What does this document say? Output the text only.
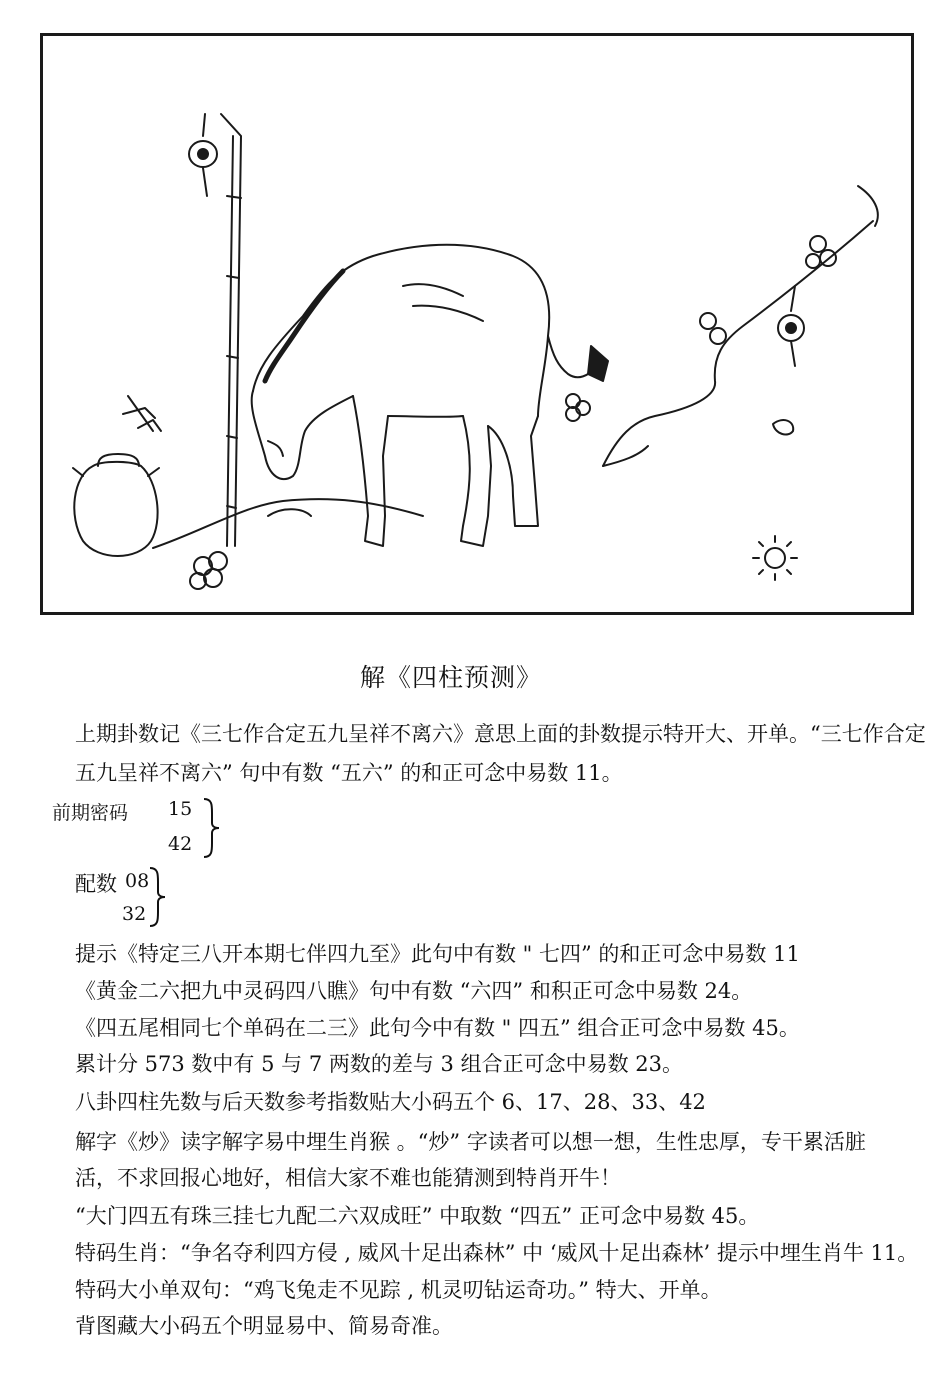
解《四柱预测》
上期卦数记《三七作合定五九呈祥不离六》意思上面的卦数提示特开大、开单。“三七作合定
五九呈祥不离六” 句中有数 “五六” 的和正可念中易数 11。
前期密码 15
42
配数 08
32
提示《特定三八开本期七伴四九至》此句中有数 " 七四” 的和正可念中易数 11
《黄金二六把九中灵码四八瞧》句中有数 “六四” 和积正可念中易数 24。
《四五尾相同七个单码在二三》此句今中有数 " 四五” 组合正可念中易数 45。
累计分 573 数中有 5 与 7 两数的差与 3 组合正可念中易数 23。
八卦四柱先数与后天数参考指数贴大小码五个 6、17、28、33、42
解字《炒》读字解字易中埋生肖猴 。“炒” 字读者可以想一想，生性忠厚，专干累活脏
活，不求回报心地好，相信大家不难也能猜测到特肖开牛！
“大门四五有珠三挂七九配二六双成旺” 中取数 “四五” 正可念中易数 45。
特码生肖：“争名夺利四方侵 , 威风十足出森林” 中 ‘威风十足出森林’ 提示中埋生肖牛 11。
特码大小单双句：“鸡飞兔走不见踪 , 机灵叨钻运奇功。” 特大、开单。
背图藏大小码五个明显易中、简易奇准。
